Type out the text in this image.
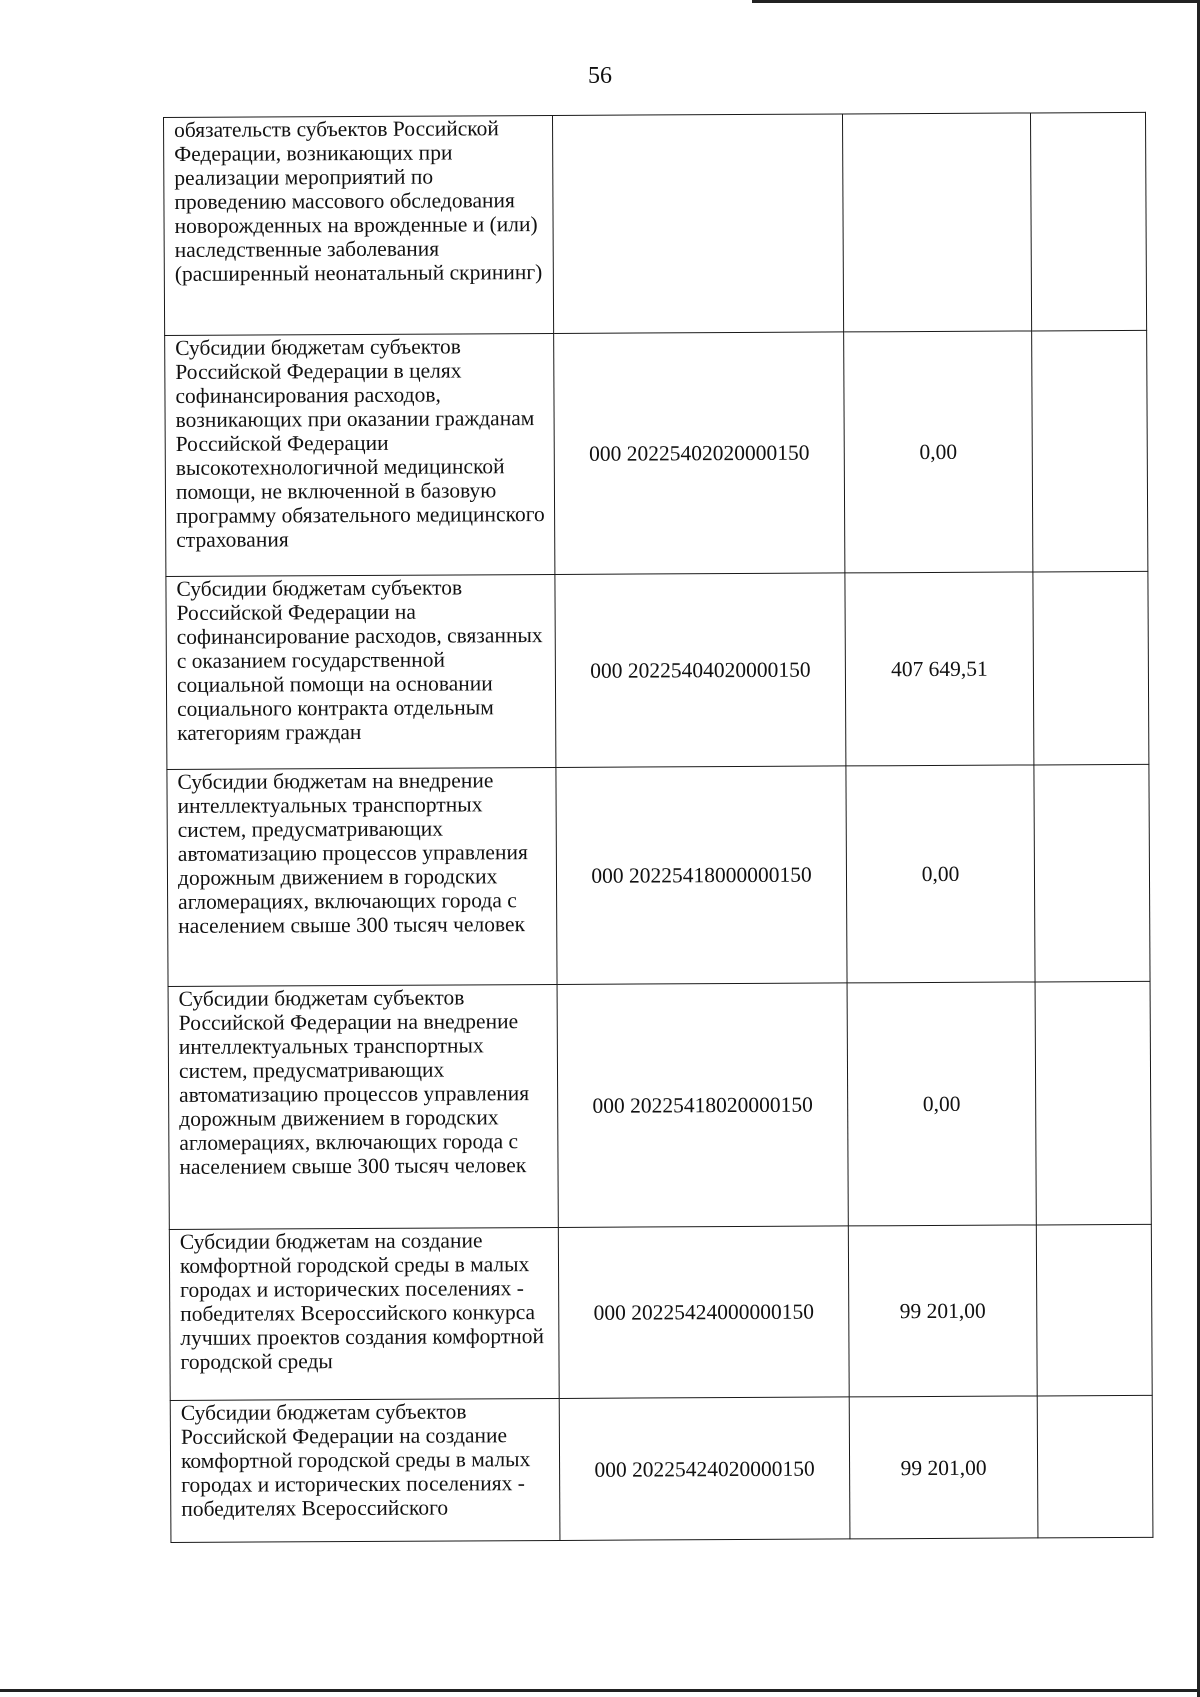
56
обязательств субъектов Российской Федерации, возникающих при реализации мероприятий по проведению массового обследования новорожденных на врожденные и (или) наследственные заболевания (расширенный неонатальный скрининг)			
Субсидии бюджетам субъектов Российской Федерации в целях софинансирования расходов, возникающих при оказании гражданам Российской Федерации высокотехнологичной медицинской помощи, не включенной в базовую программу обязательного медицинского страхования	000 20225402020000150	0,00	
Субсидии бюджетам субъектов Российской Федерации на софинансирование расходов, связанных с оказанием государственной социальной помощи на основании социального контракта отдельным категориям граждан	000 20225404020000150	407 649,51	
Субсидии бюджетам на внедрение интеллектуальных транспортных систем, предусматривающих автоматизацию процессов управления дорожным движением в городских агломерациях, включающих города с населением свыше 300 тысяч человек	000 20225418000000150	0,00	
Субсидии бюджетам субъектов Российской Федерации на внедрение интеллектуальных транспортных систем, предусматривающих автоматизацию процессов управления дорожным движением в городских агломерациях, включающих города с населением свыше 300 тысяч человек	000 20225418020000150	0,00	
Субсидии бюджетам на создание комфортной городской среды в малых городах и исторических поселениях - победителях Всероссийского конкурса лучших проектов создания комфортной городской среды	000 20225424000000150	99 201,00	
Субсидии бюджетам субъектов Российской Федерации на создание комфортной городской среды в малых городах и исторических поселениях - победителях Всероссийского	000 20225424020000150	99 201,00	
